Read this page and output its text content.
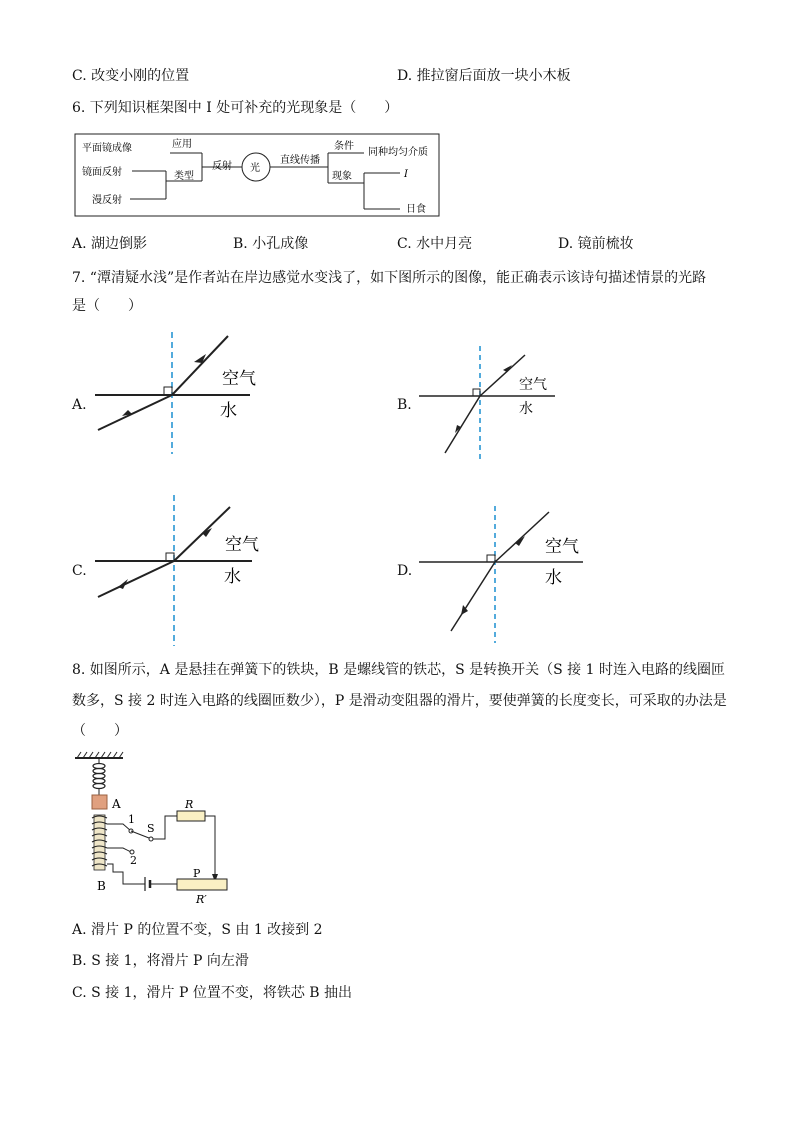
C. 改变小刚的位置	D. 推拉窗后面放一块小木板
6. 下列知识框架图中 I 处可补充的光现象是（　　）
平面镜成像	应用
镜面反射	类型
漫反射
反射 光
直线传播
条件
同种均匀介质
现象	I
日食
A. 湖边倒影	B. 小孔成像	C. 水中月亮	D. 镜前梳妆
7. “潭清疑水浅”是作者站在岸边感觉水变浅了，如下图所示的图像，能正确表示该诗句描述情景的光路
是（　　）
A.
空气
水	B.
空气
水
C.
空气
水	D.
空气
水
8. 如图所示，A 是悬挂在弹簧下的铁块，B 是螺线管的铁芯，S 是转换开关（S 接 1 时连入电路的线圈匝
数多，S 接 2 时连入电路的线圈匝数少），P 是滑动变阻器的滑片，要使弹簧的长度变长，可采取的办法是
（　　）
A
1
S
2
R
P
R′
B
A. 滑片 P 的位置不变，S 由 1 改接到 2
B. S 接 1，将滑片 P 向左滑
C. S 接 1，滑片 P 位置不变，将铁芯 B 抽出
